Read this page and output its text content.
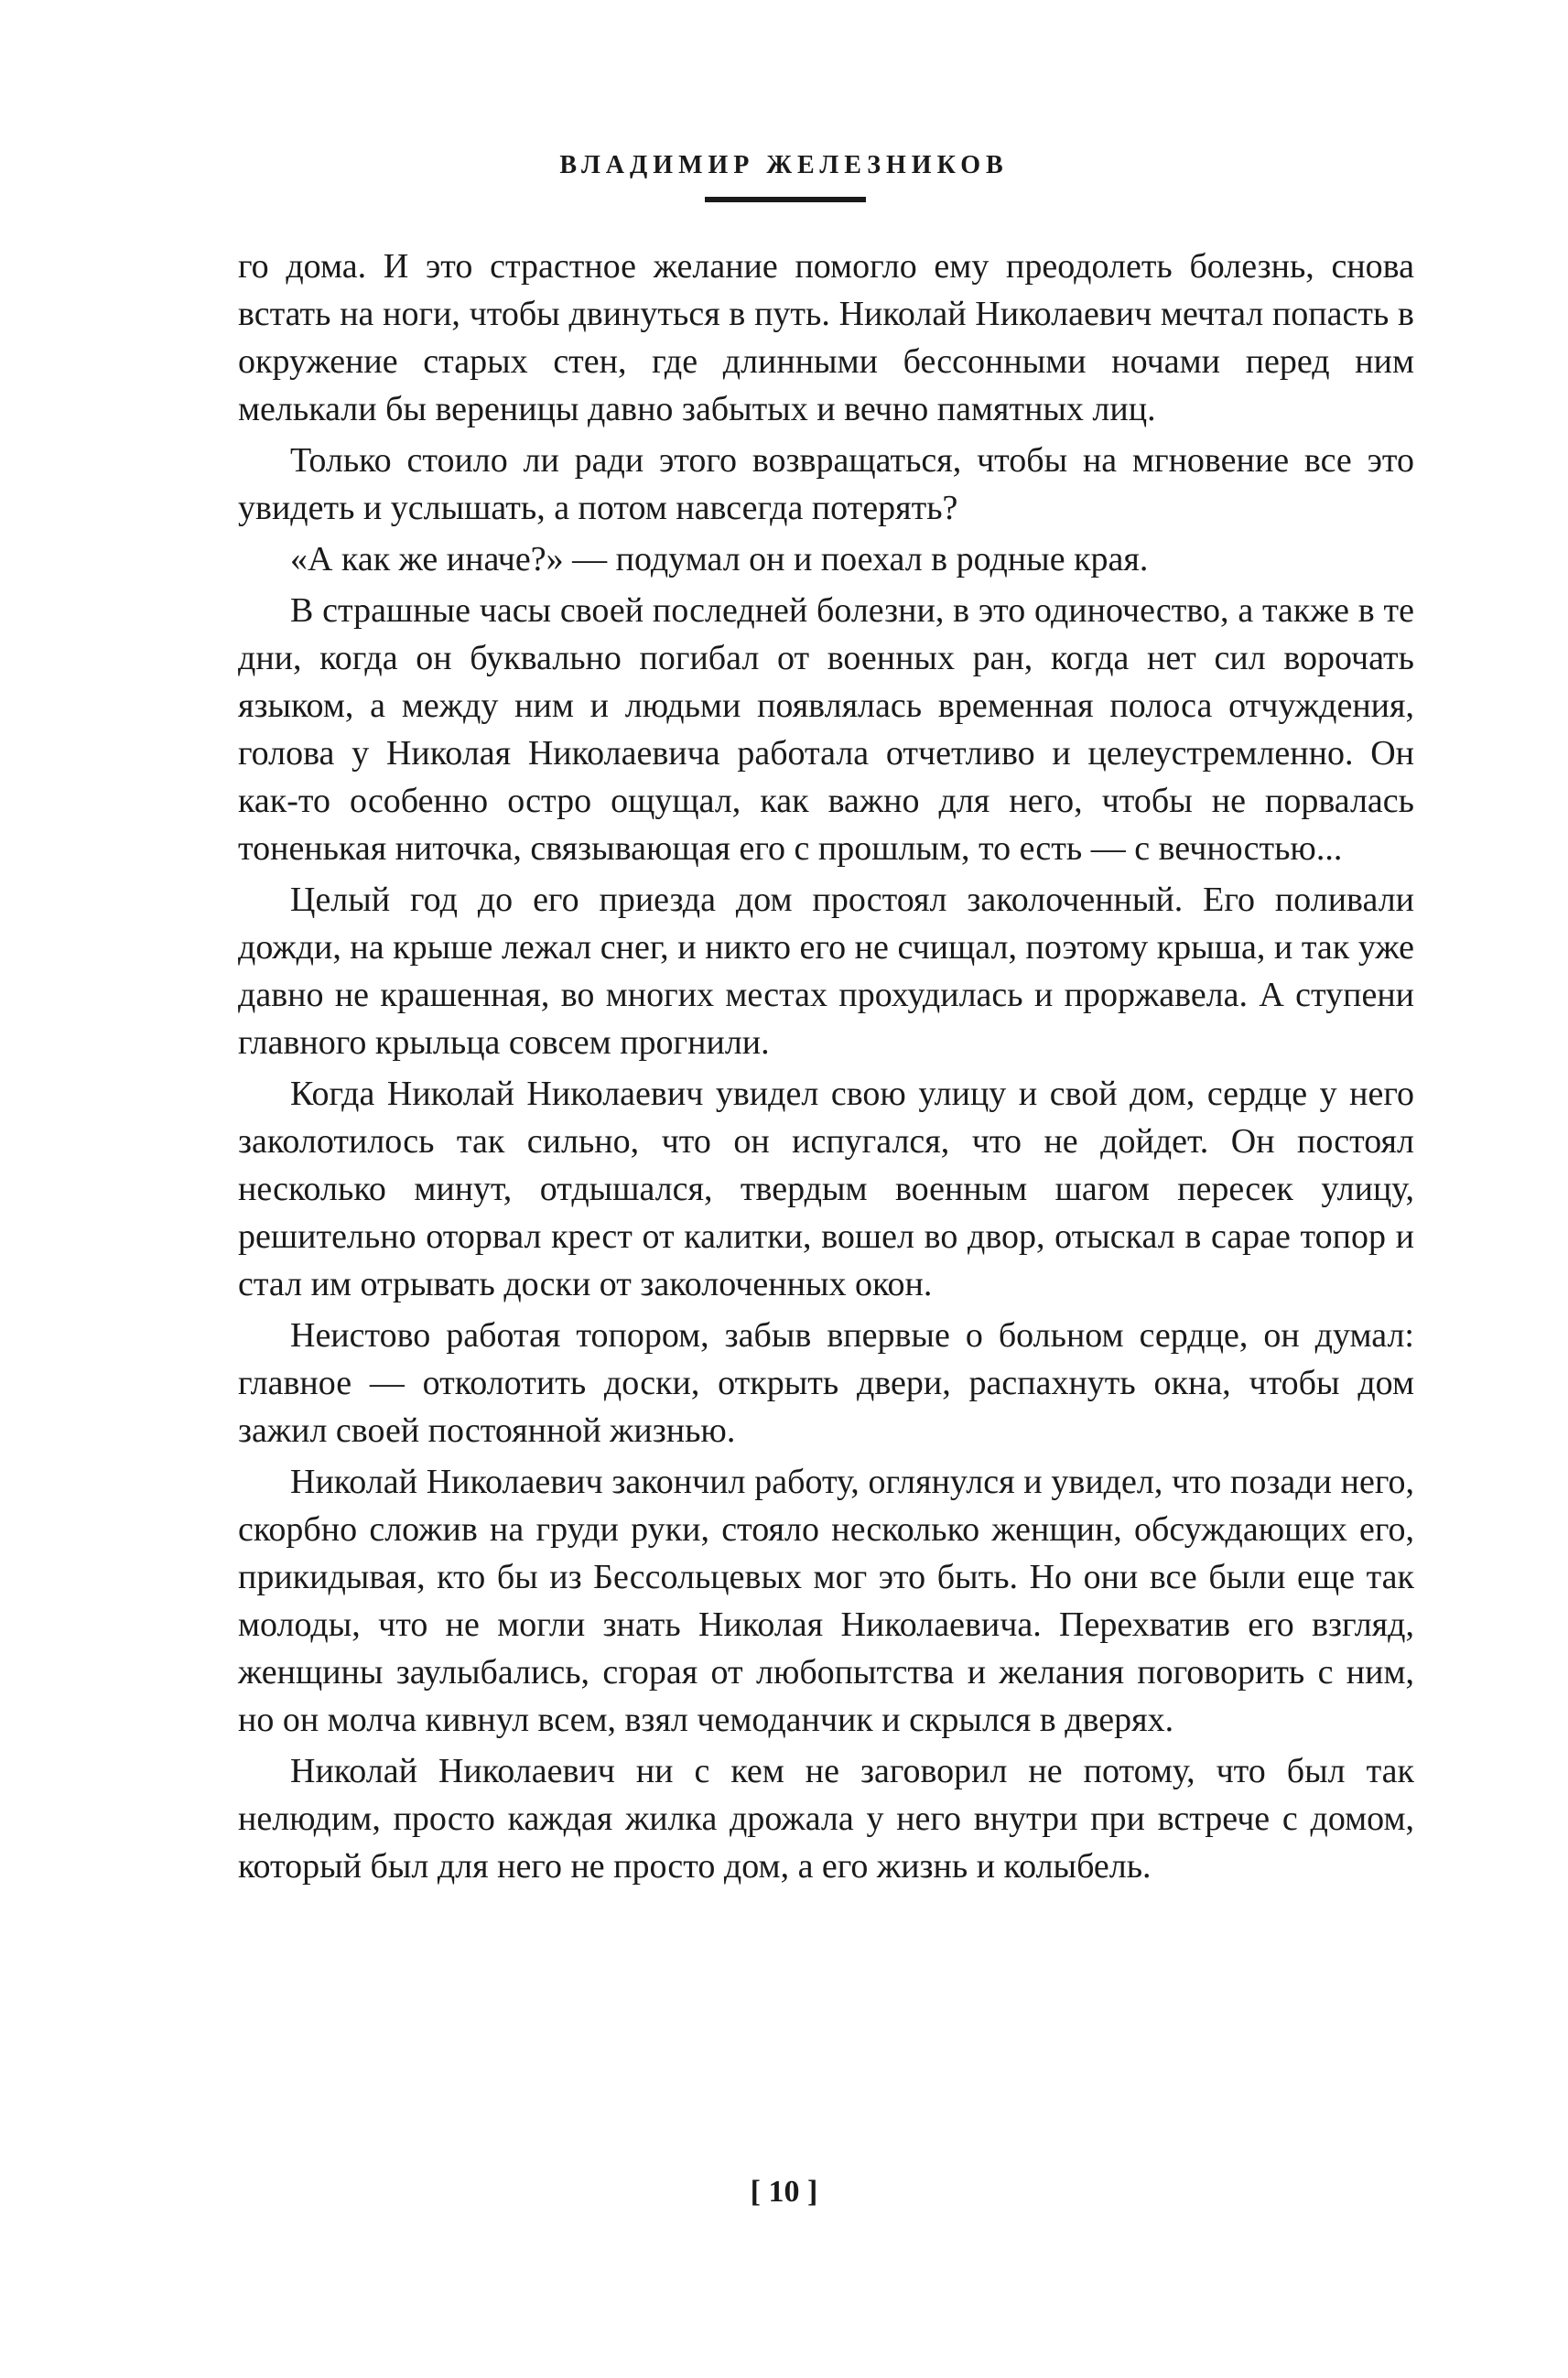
ВЛАДИМИР ЖЕЛЕЗНИКОВ

го дома. И это страстное желание помогло ему преодолеть болезнь, снова встать на ноги, чтобы двинуться в путь. Николай Николаевич мечтал попасть в окружение старых стен, где длинными бессонными ночами перед ним мелькали бы вереницы давно забытых и вечно памятных лиц.

Только стоило ли ради этого возвращаться, чтобы на мгновение все это увидеть и услышать, а потом навсегда потерять?

«А как же иначе?» — подумал он и поехал в родные края.

В страшные часы своей последней болезни, в это одиночество, а также в те дни, когда он буквально погибал от военных ран, когда нет сил ворочать языком, а между ним и людьми появлялась временная полоса отчуждения, голова у Николая Николаевича работала отчетливо и целеустремленно. Он как-то особенно остро ощущал, как важно для него, чтобы не порвалась тоненькая ниточка, связывающая его с прошлым, то есть — с вечностью...

Целый год до его приезда дом простоял заколоченный. Его поливали дожди, на крыше лежал снег, и никто его не счищал, поэтому крыша, и так уже давно не крашенная, во многих местах прохудилась и проржавела. А ступени главного крыльца совсем прогнили.

Когда Николай Николаевич увидел свою улицу и свой дом, сердце у него заколотилось так сильно, что он испугался, что не дойдет. Он постоял несколько минут, отдышался, твердым военным шагом пересек улицу, решительно оторвал крест от калитки, вошел во двор, отыскал в сарае топор и стал им отрывать доски от заколоченных окон.

Неистово работая топором, забыв впервые о больном сердце, он думал: главное — отколотить доски, открыть двери, распахнуть окна, чтобы дом зажил своей постоянной жизнью.

Николай Николаевич закончил работу, оглянулся и увидел, что позади него, скорбно сложив на груди руки, стояло несколько женщин, обсуждающих его, прикидывая, кто бы из Бессольцевых мог это быть. Но они все были еще так молоды, что не могли знать Николая Николаевича. Перехватив его взгляд, женщины заулыбались, сгорая от любопытства и желания поговорить с ним, но он молча кивнул всем, взял чемоданчик и скрылся в дверях.

Николай Николаевич ни с кем не заговорил не потому, что был так нелюдим, просто каждая жилка дрожала у него внутри при встрече с домом, который был для него не просто дом, а его жизнь и колыбель.

[ 10 ]
